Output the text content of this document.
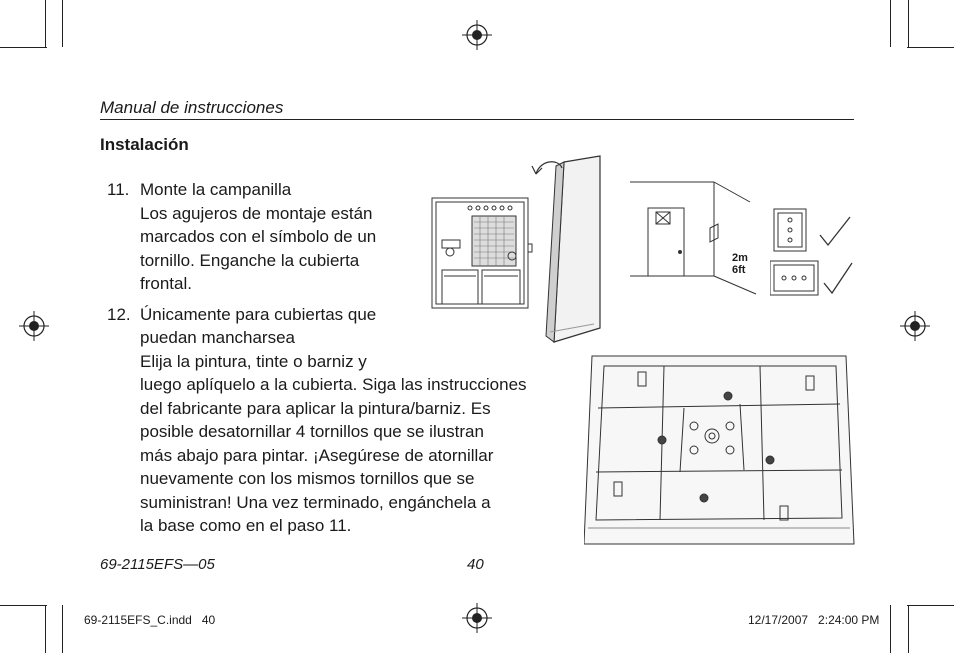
Manual de instrucciones
Instalación
11. Monte la campanilla
Los agujeros de montaje están
marcados con el símbolo de un
tornillo. Enganche la cubierta
frontal.
12. Únicamente para cubiertas que
puedan mancharsea
Elija la pintura, tinte o barniz y
luego aplíquelo a la cubierta. Siga las instrucciones
del fabricante para aplicar la pintura/barniz. Es
posible desatornillar 4 tornillos que se ilustran
más abajo para pintar. ¡Asegúrese de atornillar
nuevamente con los mismos tornillos que se
suministran! Una vez terminado, engánchela a
la base como en el paso 11.
2m
6ft
69-2115EFS—05	40
69-2115EFS_C.indd   40	12/17/2007   2:24:00 PM
